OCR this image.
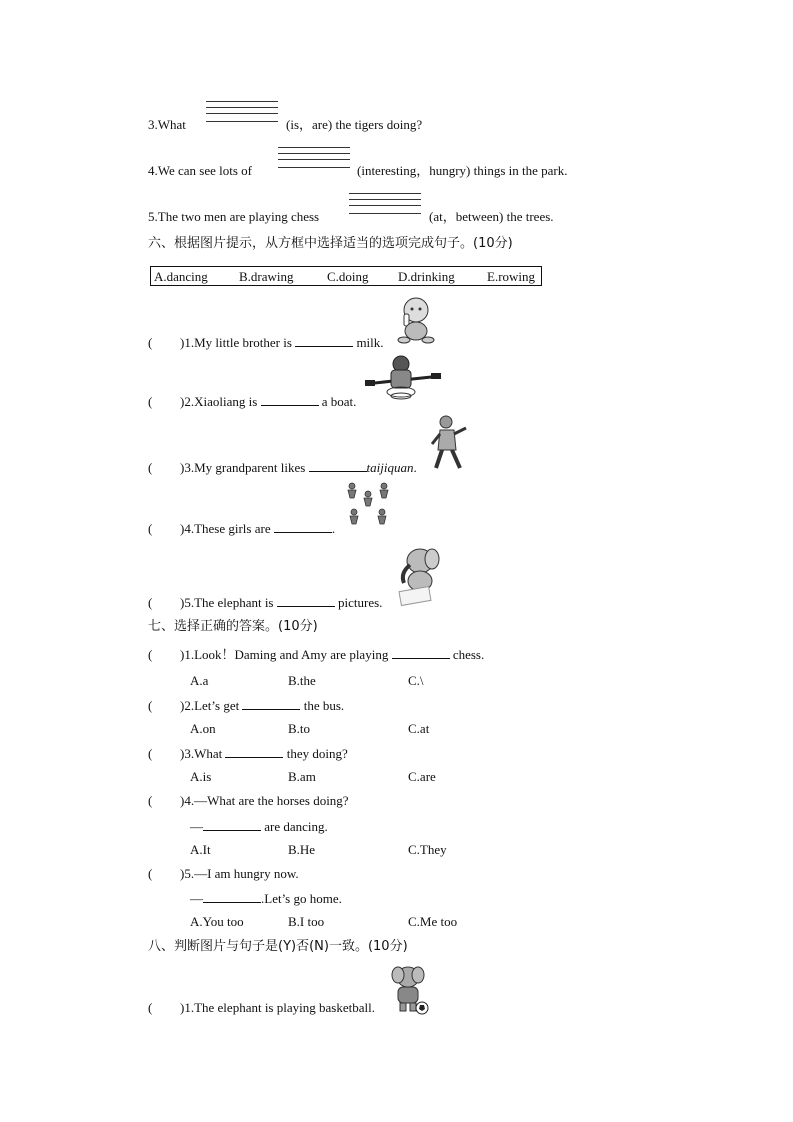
3.What	(is，are) the tigers doing?
4.We can see lots of	(interesting，hungry) things in the park.
5.The two men are playing chess	(at，between) the trees.
六、根据图片提示，从方框中选择适当的选项完成句子。(10分)
A.dancing B.drawing	C.doing D.drinking E.rowing
( )1.My little brother is	milk.
( )2.Xiaoliang is	a boat.
( )3.My grandparent likes	taijiquan.
( )4.These girls are	.
( )5.The elephant is	pictures.
七、选择正确的答案。(10分)
( )1.Look！Daming and Amy are playing	chess.
A.a	B.the	C.\
( )2.Let’s get	the bus.
A.on	B.to	C.at
( )3.What	they doing?
A.is	B.am	C.are
( )4.—What are the horses doing?
—	are dancing.
A.It	B.He	C.They
( )5.—I am hungry now.
—	.Let’s go home.
A.You too	B.I too	C.Me too
八、判断图片与句子是(Y)否(N)一致。(10分)
( )1.The elephant is playing basketball.
